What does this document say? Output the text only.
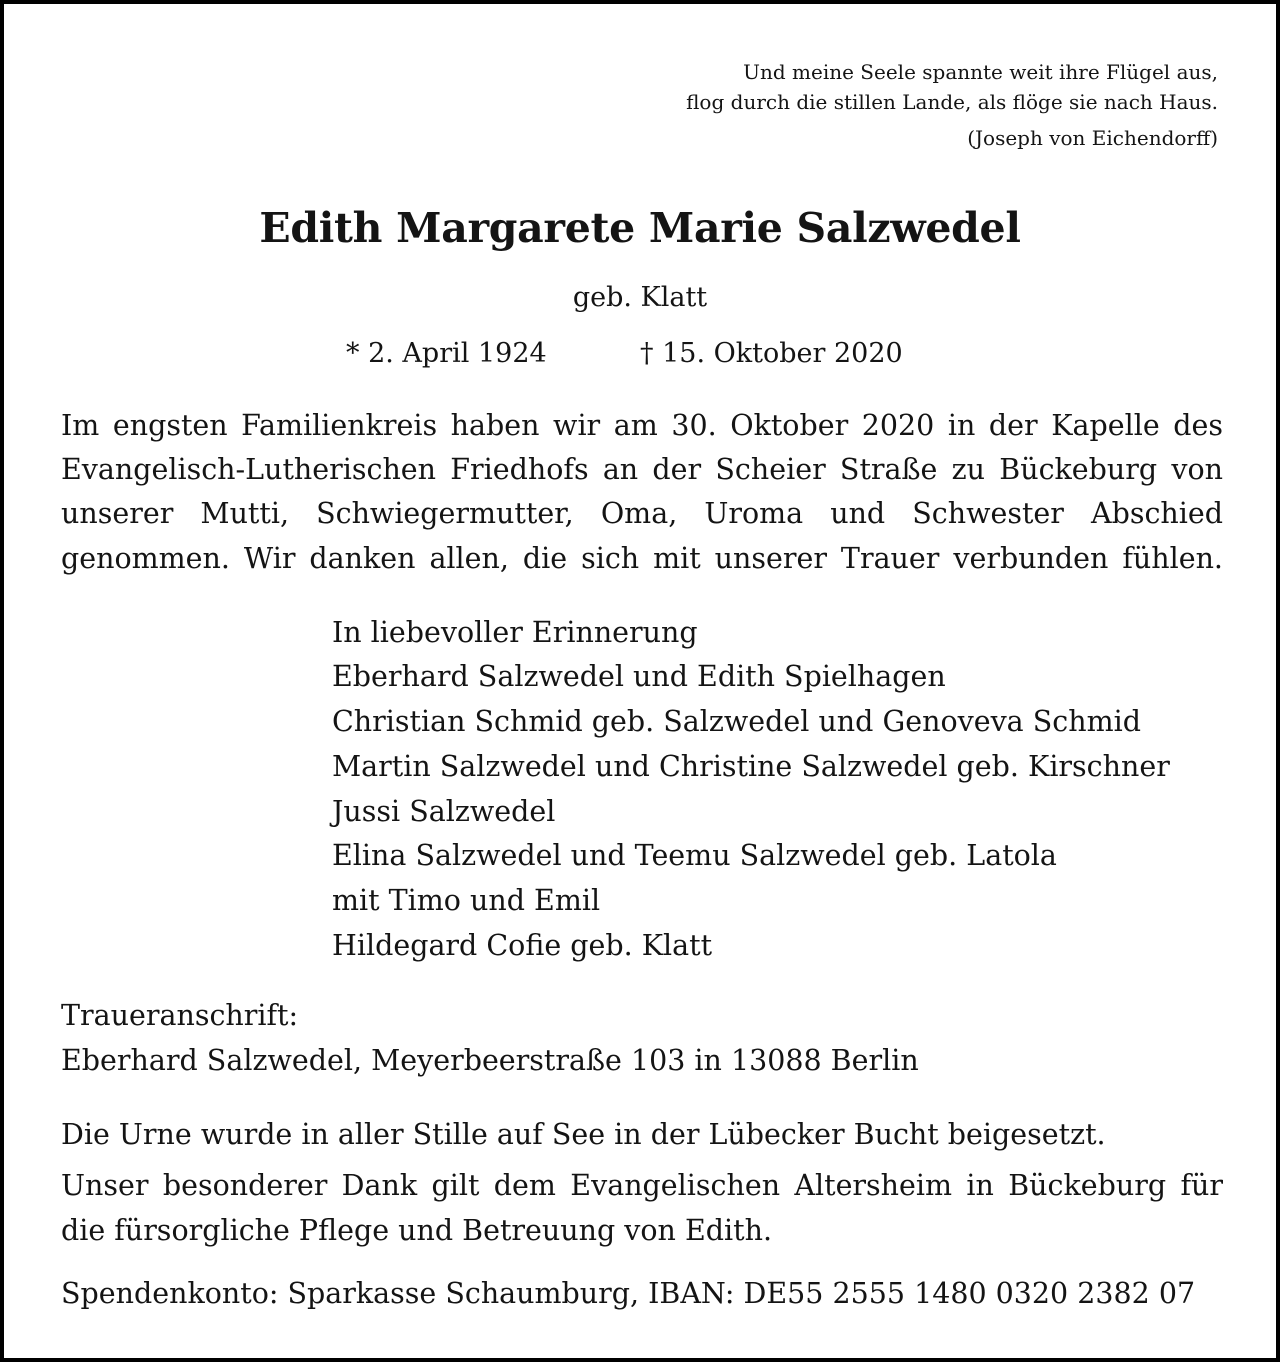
Und meine Seele spannte weit ihre Flügel aus,

flog durch die stillen Lande, als flöge sie nach Haus.

(Joseph von Eichendorff)

Edith Margarete Marie Salzwedel

geb. Klatt

* 2. April 1924	† 15. Oktober 2020

Im engsten Familienkreis haben wir am 30. Oktober 2020 in der Kapelle des

Evangelisch-Lutherischen Friedhofs an der Scheier Straße zu Bückeburg von

unserer Mutti, Schwiegermutter, Oma, Uroma und Schwester Abschied

genommen. Wir danken allen, die sich mit unserer Trauer verbunden fühlen.

In liebevoller Erinnerung

Eberhard Salzwedel und Edith Spielhagen

Christian Schmid geb. Salzwedel und Genoveva Schmid

Martin Salzwedel und Christine Salzwedel geb. Kirschner

Jussi Salzwedel

Elina Salzwedel und Teemu Salzwedel geb. Latola

mit Timo und Emil

Hildegard Cofie geb. Klatt

Traueranschrift:

Eberhard Salzwedel, Meyerbeerstraße 103 in 13088 Berlin

Die Urne wurde in aller Stille auf See in der Lübecker Bucht beigesetzt.

Unser besonderer Dank gilt dem Evangelischen Altersheim in Bückeburg für

die fürsorgliche Pflege und Betreuung von Edith.

Spendenkonto: Sparkasse Schaumburg, IBAN: DE55 2555 1480 0320 2382 07
